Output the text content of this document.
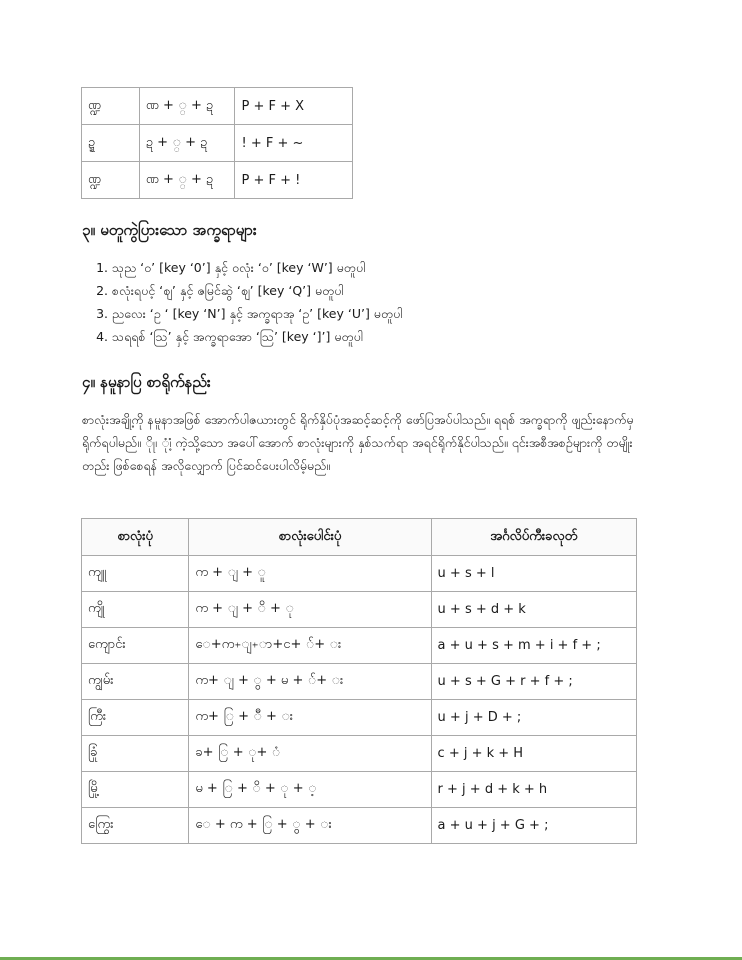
ဏ္ဍ	ဏ + ္ + ဍ	P + F + X
ဍ္ဍ	ဍ + ္ + ဍ	! + F + ~
ဏ္ဍ	ဏ + ္ + ဍ	P + F + !
၃။ မတူကွဲပြားသော အက္ခရာများ
1. သုည ‘၀’ [key ‘0’] နှင့် ဝလုံး ‘ဝ’ [key ‘W’] မတူပါ
2. စလုံးရပင့် ‘ဈ’ နှင့် ဇမြင်ဆွဲ ‘ဈ’ [key ‘Q’] မတူပါ
3. ညလေး ‘ဥ ‘ [key ‘N’] နှင့် အက္ခရာအု ‘ဥ’ [key ‘U’] မတူပါ
4. သရရစ် ‘ဩ’ နှင့် အက္ခရာအော ‘ဩ’ [key ‘]’] မတူပါ
၄။ နမူနာပြ စာရိုက်နည်း

စာလုံးအချို့ကို နမူနာအဖြစ် အောက်ပါဇယားတွင် ရိုက်နှိပ်ပုံအဆင့်ဆင့်ကို ဖော်ပြအပ်ပါသည်။ ရရစ် အက္ခရာကို ဖျည်းနောက်မှ ရိုက်ရပါမည်။ ိုု၊ ုံ၊ံ့ ကဲ့သို့သော အပေါ်အောက် စာလုံးများကို နှစ်သက်ရာ အရင်ရိုက်နိုင်ပါသည်။ ၎င်းအစီအစဉ်များကို တမျိုးတည်း ဖြစ်စေရန် အလိုလျှောက် ပြင်ဆင်ပေးပါလိမ့်မည်။

စာလုံးပုံ	စာလုံးပေါင်းပုံ	အင်္ဂလိပ်ကီးခလုတ်
ကျူ	က + ျ + ူ	u + s + l
ကျို	က + ျ + ိ + ု	u + s + d + k
ကျောင်း	ေ+က+ျ+ာ+င+ ်+ း	a + u + s + m + i + f + ;
ကျွမ်း	က+ ျ + ွ + မ + ်+ း	u + s + G + r + f + ;
ကြီး	က+ ြ + ီ + း	u + j + D + ;
ခြုံ	ခ+ ြ + ု+ ံ	c + j + k + H
မြို့	မ + ြ + ိ + ု + ့	r + j + d + k + h
ကြွေး	ေ + က + ြ + ွ + း	a + u + j + G + ;
